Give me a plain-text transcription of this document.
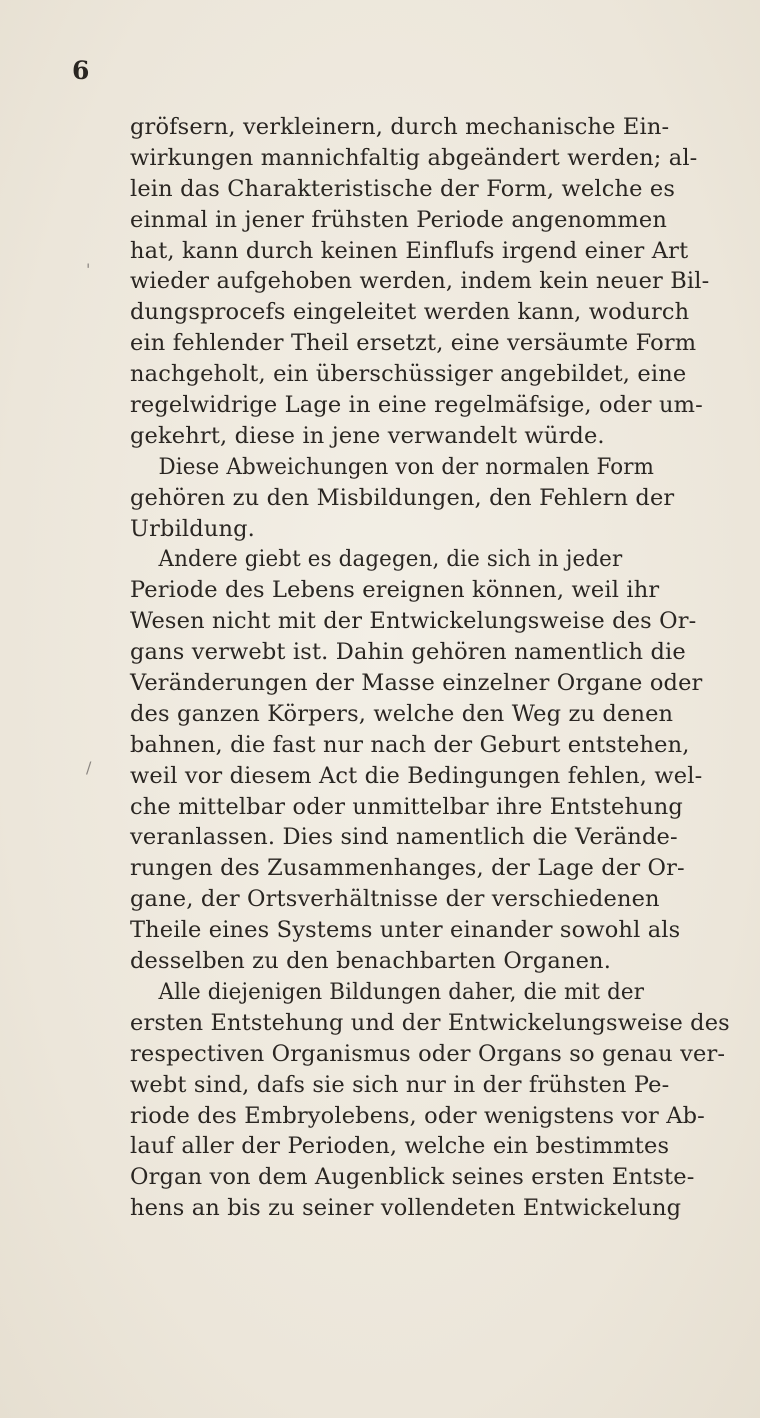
6
'
/
gröfsern, verkleinern, durch mechanische Ein-
wirkungen mannichfaltig abgeändert werden; al-
lein das Charakteristische der Form, welche es
einmal in jener frühsten Periode angenommen
hat, kann durch keinen Einflufs irgend einer Art
wieder aufgehoben werden, indem kein neuer Bil-
dungsprocefs eingeleitet werden kann, wodurch
ein fehlender Theil ersetzt, eine versäumte Form
nachgeholt, ein überschüssiger angebildet, eine
regelwidrige Lage in eine regelmäfsige, oder um-
gekehrt, diese in jene verwandelt würde.
Diese Abweichungen von der normalen Form
gehören zu den Misbildungen, den Fehlern der
Urbildung.
Andere giebt es dagegen, die sich in jeder
Periode des Lebens ereignen können, weil ihr
Wesen nicht mit der Entwickelungsweise des Or-
gans verwebt ist. Dahin gehören namentlich die
Veränderungen der Masse einzelner Organe oder
des ganzen Körpers, welche den Weg zu denen
bahnen, die fast nur nach der Geburt entstehen,
weil vor diesem Act die Bedingungen fehlen, wel-
che mittelbar oder unmittelbar ihre Entstehung
veranlassen. Dies sind namentlich die Verände-
rungen des Zusammenhanges, der Lage der Or-
gane, der Ortsverhältnisse der verschiedenen
Theile eines Systems unter einander sowohl als
desselben zu den benachbarten Organen.
Alle diejenigen Bildungen daher, die mit der
ersten Entstehung und der Entwickelungsweise des
respectiven Organismus oder Organs so genau ver-
webt sind, dafs sie sich nur in der frühsten Pe-
riode des Embryolebens, oder wenigstens vor Ab-
lauf aller der Perioden, welche ein bestimmtes
Organ von dem Augenblick seines ersten Entste-
hens an bis zu seiner vollendeten Entwickelung
